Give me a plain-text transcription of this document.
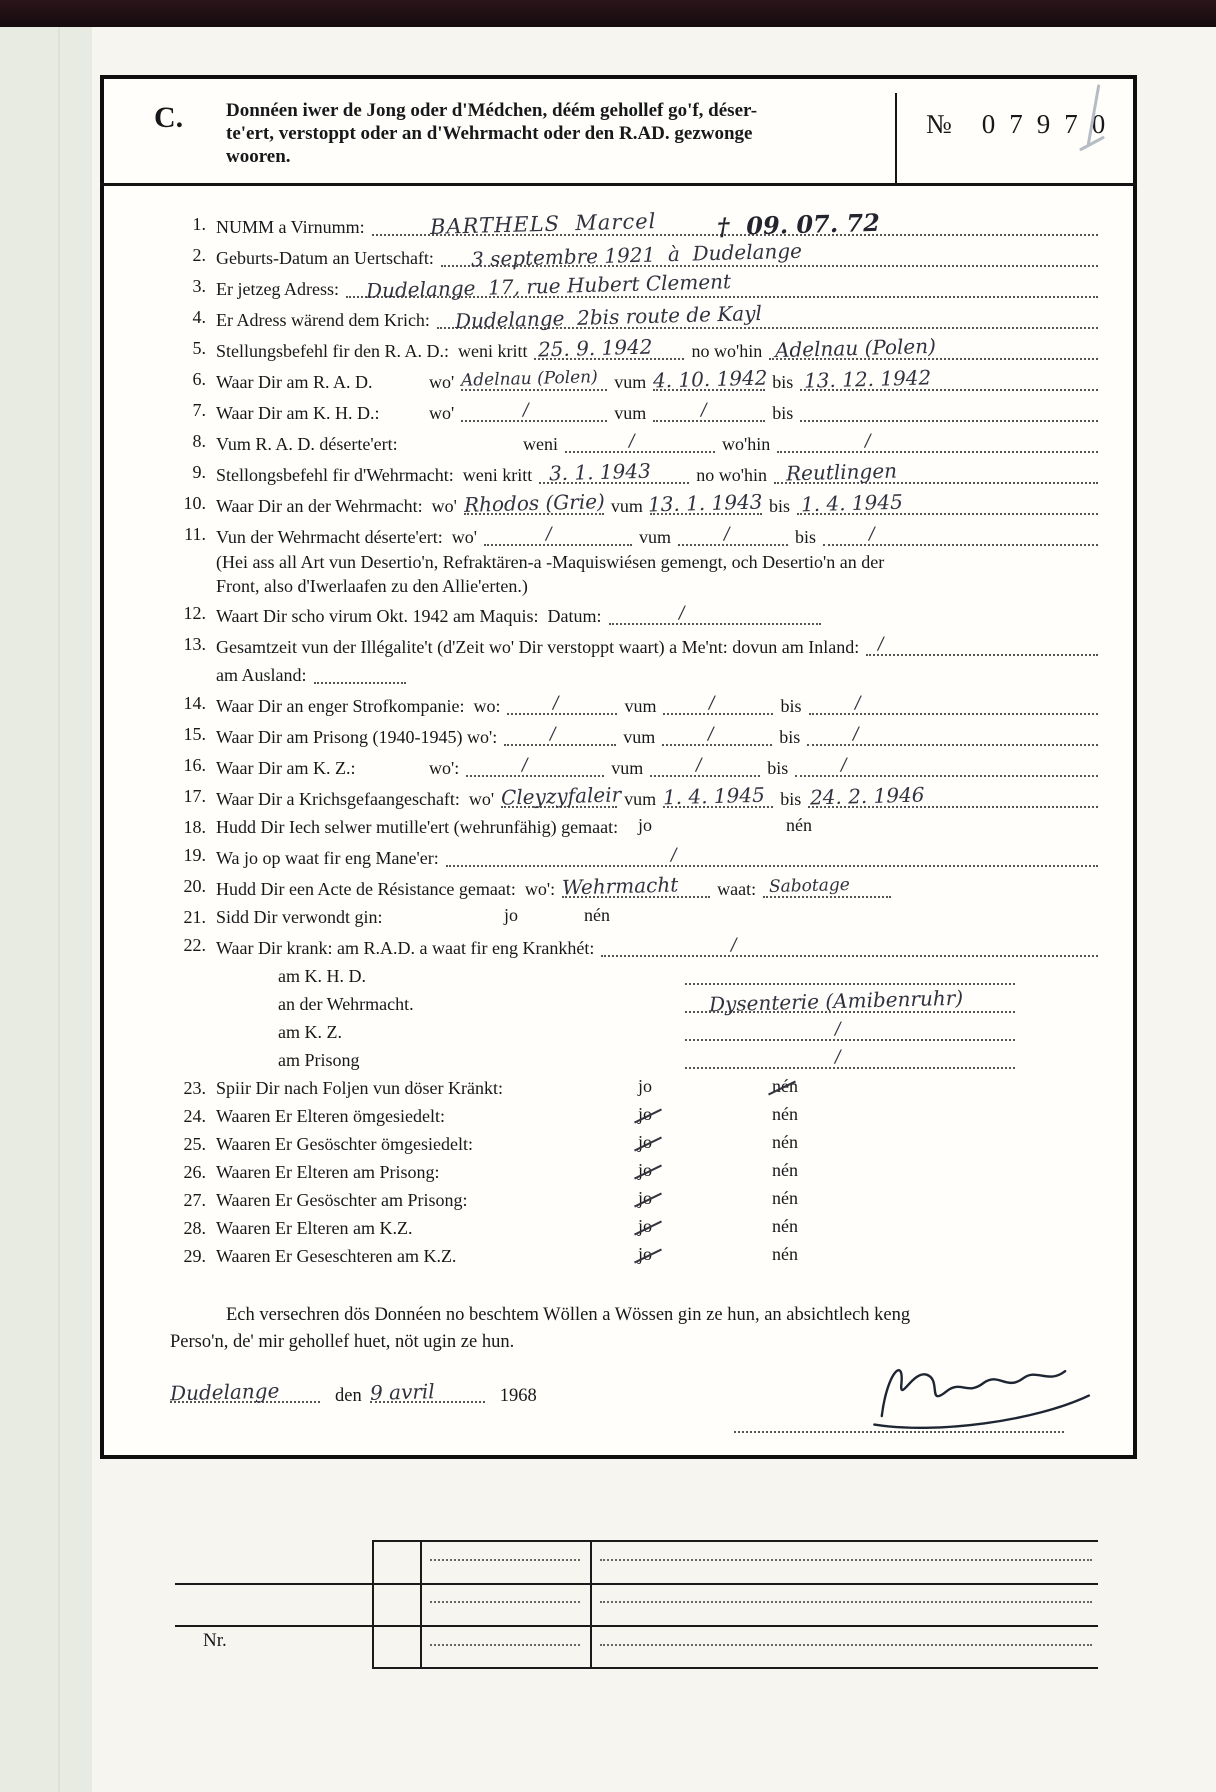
C. Donnéen iwer de Jong oder d'Médchen, déém gehollef go'f, déser-
te'ert, verstoppt oder an d'Wehrmacht oder den R.AD. gezwonge
wooren.
№ 07970
1. NUMM a Virnumm:	BARTHELS  Marcel	†  09. 07. 72
2. Geburts-Datum an Uertschaft: 3 septembre 1921  à  Dudelange
3. Er jetzeg Adress: Dudelange  17, rue Hubert Clement
4. Er Adress wärend dem Krich: Dudelange  2bis route de Kayl
5. Stellungsbefehl fir den R. A. D.:  weni kritt 25. 9. 1942 no wo'hin Adelnau (Polen)
6. Waar Dir am R. A. D.	wo' Adelnau (Polen) vum 4. 10. 1942 bis 13. 12. 1942
7. Waar Dir am K. H. D.:	wo'	/	vum	/	bis
8. Vum R. A. D. déserte'ert:	weni	/	wo'hin	/
9. Stellongsbefehl fir d'Wehrmacht:  weni kritt 3. 1. 1943 no wo'hin Reutlingen
10. Waar Dir an der Wehrmacht:  wo' Rhodos (Grie) vum 13. 1. 1943 bis 1. 4. 1945
11. Vun der Wehrmacht déserte'ert:  wo'	/	vum	/	bis	/
(Hei ass all Art vun Desertio'n, Refraktären-a -Maquiswiésen gemengt, och Desertio'n an der
Front, also d'Iwerlaafen zu den Allie'erten.)
12. Waart Dir scho virum Okt. 1942 am Maquis:  Datum:	/
13. Gesamtzeit vun der Illégalite't (d'Zeit wo' Dir verstoppt waart) a Me'nt: dovun am Inland: /
am Ausland:
14. Waar Dir an enger Strofkompanie:  wo:	/	vum	/	bis	/
15. Waar Dir am Prisong (1940-1945) wo':	/	vum	/	bis	/
16. Waar Dir am K. Z.:	wo':	/	vum	/	bis	/
17. Waar Dir a Krichsgefaangeschaft:  wo' Cleyzyfaleir vum 1. 4. 1945 bis 24. 2. 1946
18. Hudd Dir Iech selwer mutille'ert (wehrunfähig) gemaat: jo	nén
19. Wa jo op waat fir eng Mane'er:	/
20. Hudd Dir een Acte de Résistance gemaat:  wo': Wehrmacht waat: Sabotage
21. Sidd Dir verwondt gin:	jo	nén
22. Waar Dir krank: am R.A.D. a waat fir eng Krankhét:	/
am K. H. D.
an der Wehrmacht.	Dysenterie (Amibenruhr)
am K. Z.	/
am Prisong	/
23. Spiir Dir nach Foljen vun döser Kränkt:	jo	nén
24. Waaren Er Elteren ömgesiedelt:	jo	nén
25. Waaren Er Gesöschter ömgesiedelt:	jo	nén
26. Waaren Er Elteren am Prisong:	jo	nén
27. Waaren Er Gesöschter am Prisong:	jo	nén
28. Waaren Er Elteren am K.Z.	jo	nén
29. Waaren Er Geseschteren am K.Z.	jo	nén
Ech versechren dös Donnéen no beschtem Wöllen a Wössen gin ze hun, an absichtlech keng
Perso'n, de' mir gehollef huet, nöt ugin ze hun.
Dudelange	den 9 avril	1968
Nr.
